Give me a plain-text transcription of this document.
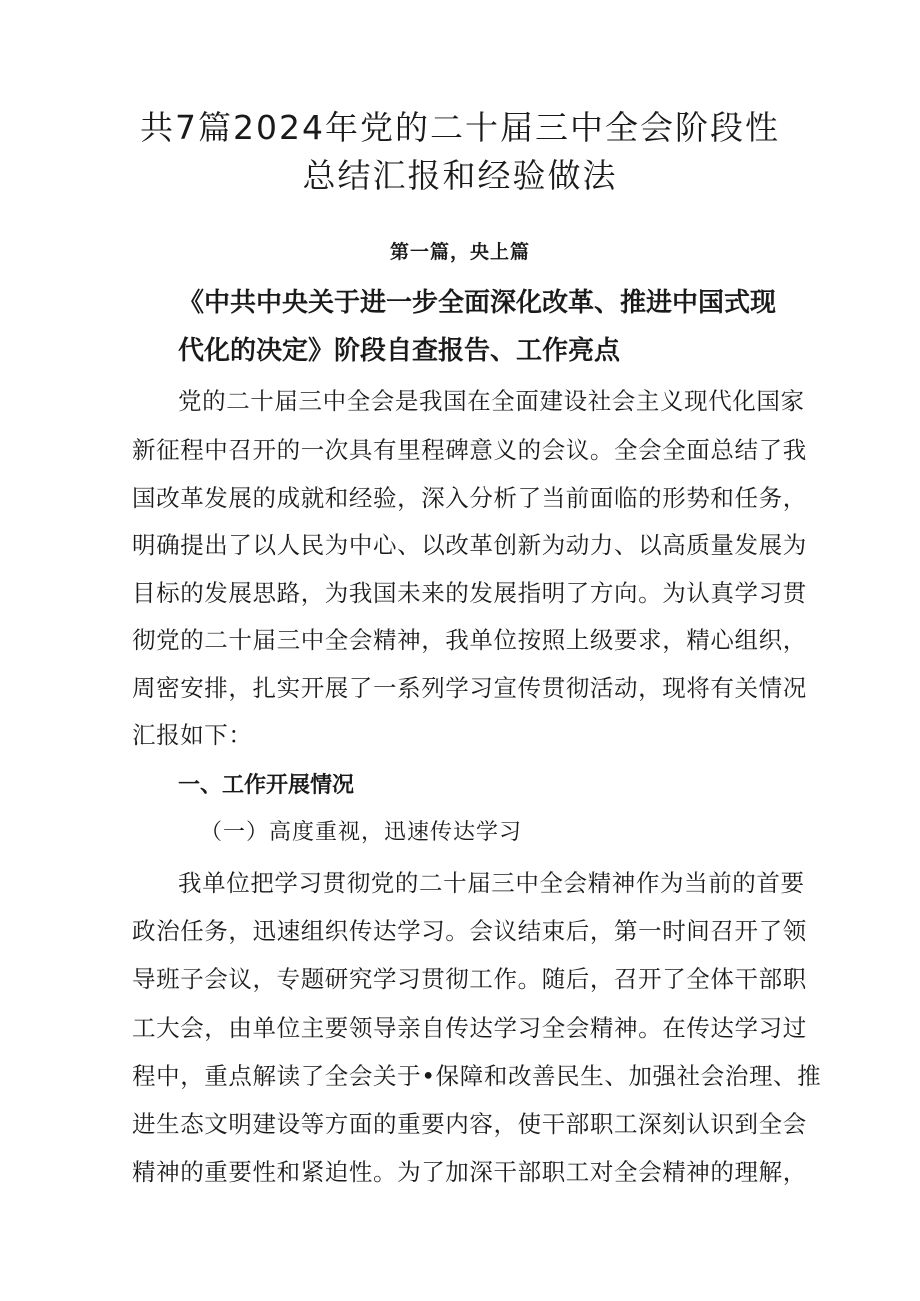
共7篇2024年党的二十届三中全会阶段性
总结汇报和经验做法
第一篇，央上篇
《中共中央关于进一步全面深化改革、推进中国式现
代化的决定》阶段自查报告、工作亮点
党的二十届三中全会是我国在全面建设社会主义现代化国家
新征程中召开的一次具有里程碑意义的会议。全会全面总结了我
国改革发展的成就和经验，深入分析了当前面临的形势和任务，
明确提出了以人民为中心、以改革创新为动力、以高质量发展为
目标的发展思路，为我国未来的发展指明了方向。为认真学习贯
彻党的二十届三中全会精神，我单位按照上级要求，精心组织，
周密安排，扎实开展了一系列学习宣传贯彻活动，现将有关情况
汇报如下：
一、工作开展情况
（一）高度重视，迅速传达学习
我单位把学习贯彻党的二十届三中全会精神作为当前的首要
政治任务，迅速组织传达学习。会议结束后，第一时间召开了领
导班子会议，专题研究学习贯彻工作。随后，召开了全体干部职
工大会，由单位主要领导亲自传达学习全会精神。在传达学习过
程中，重点解读了全会关于•保障和改善民生、加强社会治理、推
进生态文明建设等方面的重要内容，使干部职工深刻认识到全会
精神的重要性和紧迫性。为了加深干部职工对全会精神的理解，
